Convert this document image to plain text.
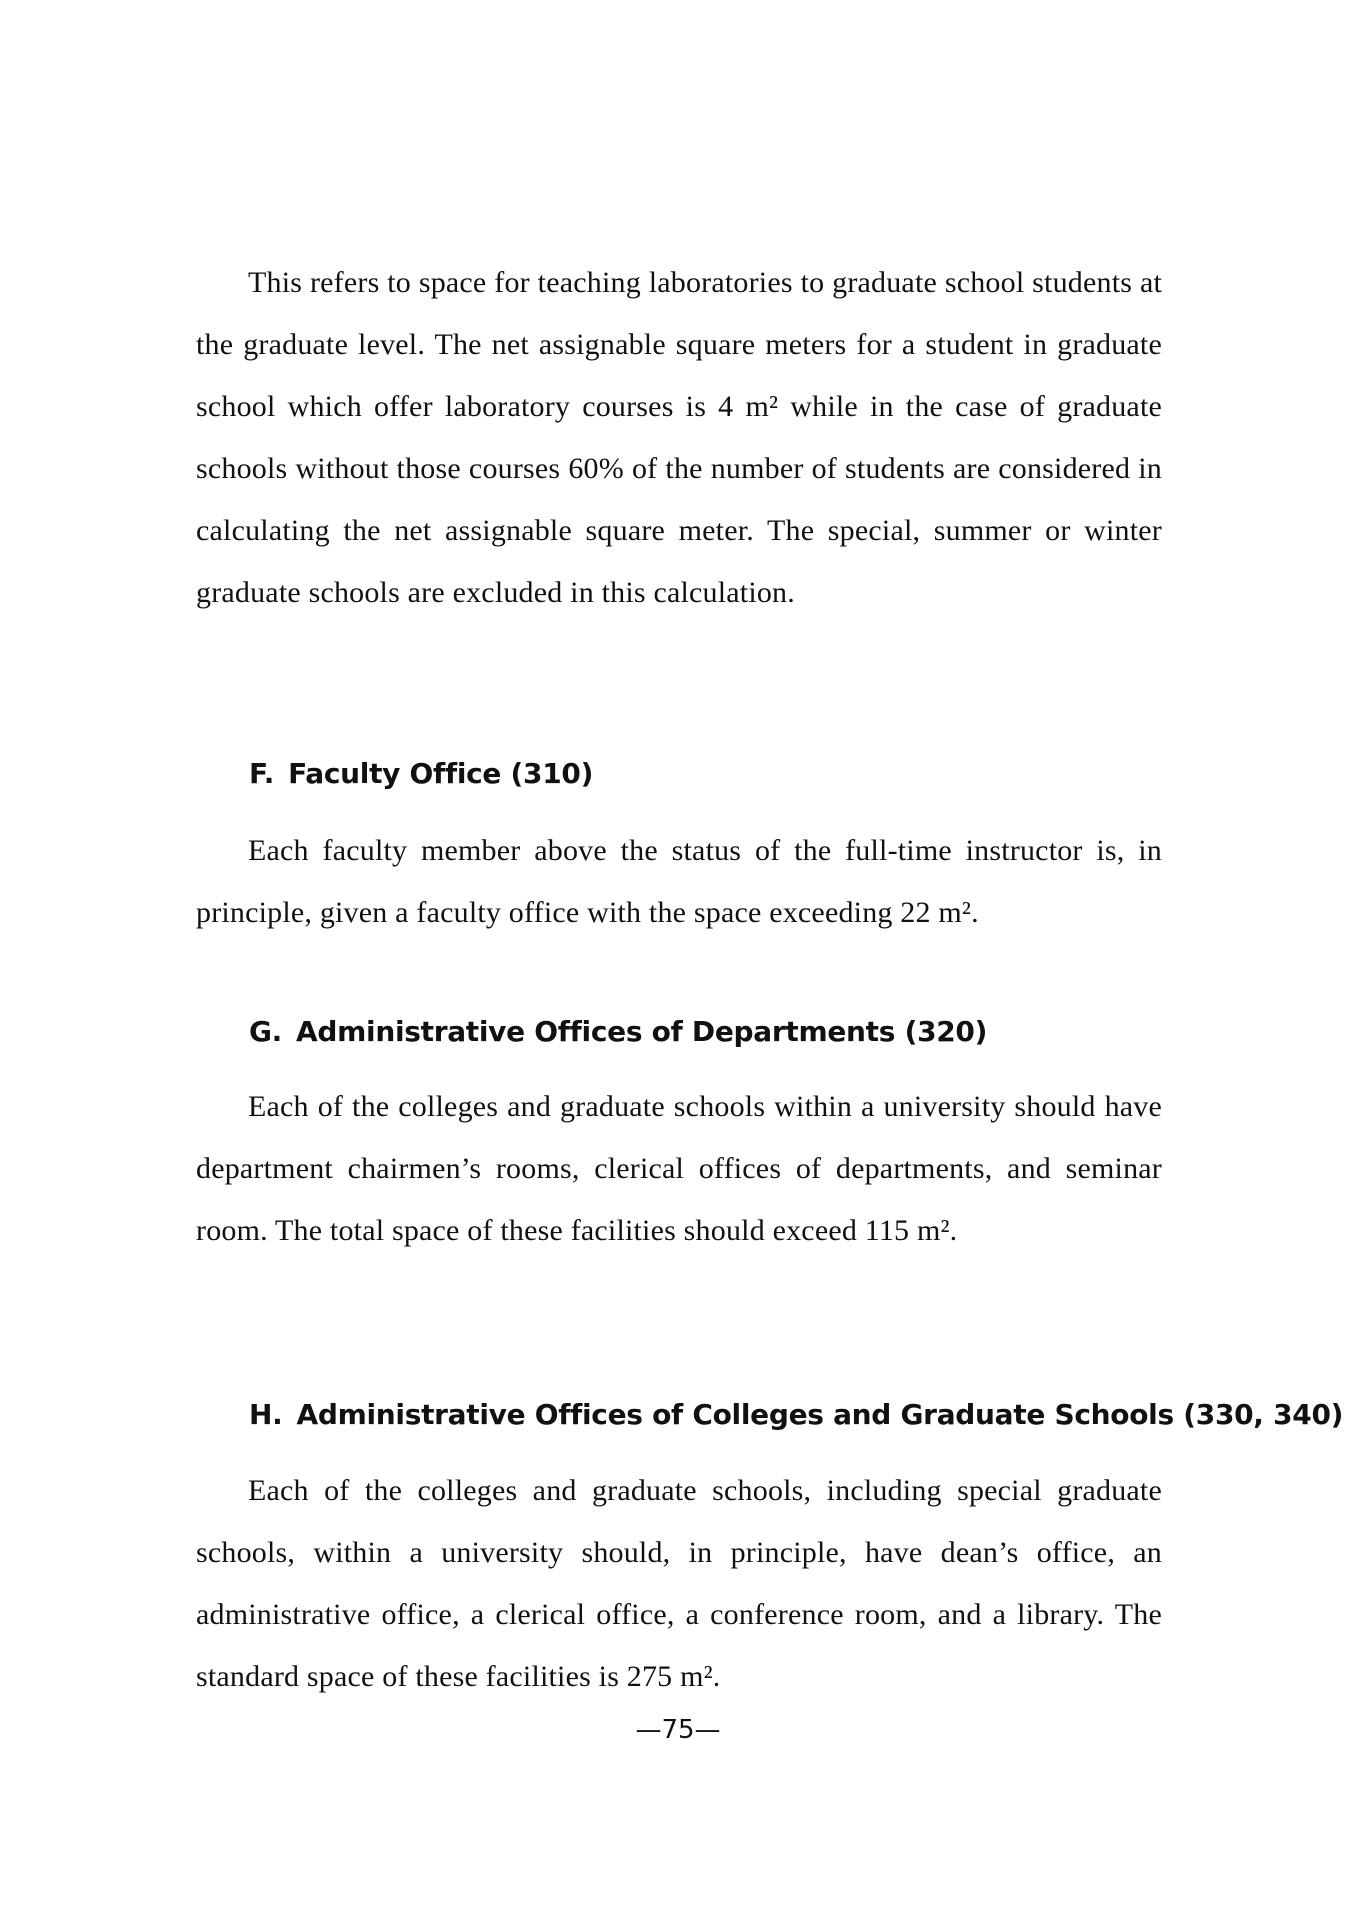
This refers to space for teaching laboratories to graduate school students at the graduate level. The net assignable square meters for a student in graduate school which offer laboratory courses is 4 m² while in the case of graduate schools without those courses 60% of the number of students are considered in calculating the net assignable square meter. The special, summer or winter graduate schools are excluded in this calculation.

F. Faculty Office (310)

Each faculty member above the status of the full-time instructor is, in principle, given a faculty office with the space exceeding 22 m².

G. Administrative Offices of Departments (320)

Each of the colleges and graduate schools within a university should have department chairmen’s rooms, clerical offices of departments, and seminar room. The total space of these facilities should exceed 115 m².

H. Administrative Offices of Colleges and Graduate Schools (330, 340)

Each of the colleges and graduate schools, including special graduate schools, within a university should, in principle, have dean’s office, an administrative office, a clerical office, a conference room, and a library. The standard space of these facilities is 275 m².

—75—
